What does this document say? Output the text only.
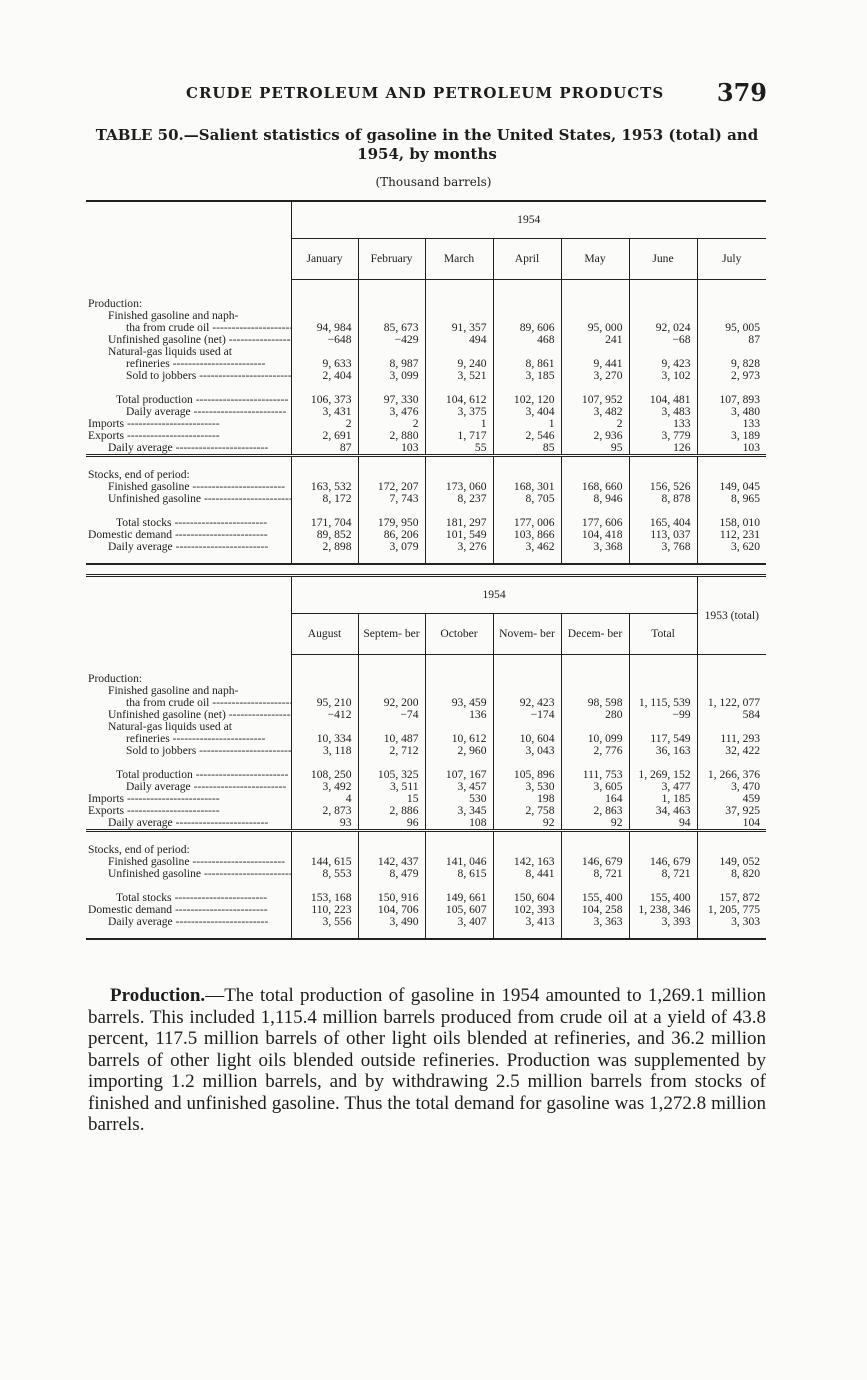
CRUDE PETROLEUM AND PETROLEUM PRODUCTS	379
TABLE 50.—Salient statistics of gasoline in the United States, 1953 (total) and
1954, by months
(Thousand barrels)
	1954						
	January	February	March	April	May	June	July

Production:							
Finished gasoline and naph-							
tha from crude oil -----	94, 984	85, 673	91, 357	89, 606	95, 000	92, 024	95, 005
Unfinished gasoline (net) -----	−648	−429	494	468	241	−68	87
Natural-gas liquids used at							
refineries -----	9, 633	8, 987	9, 240	8, 861	9, 441	9, 423	9, 828
Sold to jobbers -----	2, 404	3, 099	3, 521	3, 185	3, 270	3, 102	2, 973

Total production -----	106, 373	97, 330	104, 612	102, 120	107, 952	104, 481	107, 893
Daily average -----	3, 431	3, 476	3, 375	3, 404	3, 482	3, 483	3, 480
Imports -----	2	2	1	1	2	133	133
Exports -----	2, 691	2, 880	1, 717	2, 546	2, 936	3, 779	3, 189
Daily average -----	87	103	55	85	95	126	103

Stocks, end of period:							
Finished gasoline -----	163, 532	172, 207	173, 060	168, 301	168, 660	156, 526	149, 045
Unfinished gasoline -----	8, 172	7, 743	8, 237	8, 705	8, 946	8, 878	8, 965

Total stocks -----	171, 704	179, 950	181, 297	177, 006	177, 606	165, 404	158, 010
Domestic demand -----	89, 852	86, 206	101, 549	103, 866	104, 418	113, 037	112, 231
Daily average -----	2, 898	3, 079	3, 276	3, 462	3, 368	3, 768	3, 620

	1954						1953 (total)
	August	Septem- ber	October	Novem- ber	Decem- ber	Total	

Production:							
Finished gasoline and naph-							
tha from crude oil -----	95, 210	92, 200	93, 459	92, 423	98, 598	1, 115, 539	1, 122, 077
Unfinished gasoline (net) -----	−412	−74	136	−174	280	−99	584
Natural-gas liquids used at							
refineries -----	10, 334	10, 487	10, 612	10, 604	10, 099	117, 549	111, 293
Sold to jobbers -----	3, 118	2, 712	2, 960	3, 043	2, 776	36, 163	32, 422

Total production -----	108, 250	105, 325	107, 167	105, 896	111, 753	1, 269, 152	1, 266, 376
Daily average -----	3, 492	3, 511	3, 457	3, 530	3, 605	3, 477	3, 470
Imports -----	4	15	530	198	164	1, 185	459
Exports -----	2, 873	2, 886	3, 345	2, 758	2, 863	34, 463	37, 925
Daily average -----	93	96	108	92	92	94	104

Stocks, end of period:							
Finished gasoline -----	144, 615	142, 437	141, 046	142, 163	146, 679	146, 679	149, 052
Unfinished gasoline -----	8, 553	8, 479	8, 615	8, 441	8, 721	8, 721	8, 820

Total stocks -----	153, 168	150, 916	149, 661	150, 604	155, 400	155, 400	157, 872
Domestic demand -----	110, 223	104, 706	105, 607	102, 393	104, 258	1, 238, 346	1, 205, 775
Daily average -----	3, 556	3, 490	3, 407	3, 413	3, 363	3, 393	3, 303

Production.—The total production of gasoline in 1954 amounted to 1,269.1 million barrels. This included 1,115.4 million barrels produced from crude oil at a yield of 43.8 percent, 117.5 million barrels of other light oils blended at refineries, and 36.2 million barrels of other light oils blended outside refineries. Production was supplemented by importing 1.2 million barrels, and by withdrawing 2.5 million barrels from stocks of finished and unfinished gasoline. Thus the total demand for gasoline was 1,272.8 million barrels.
